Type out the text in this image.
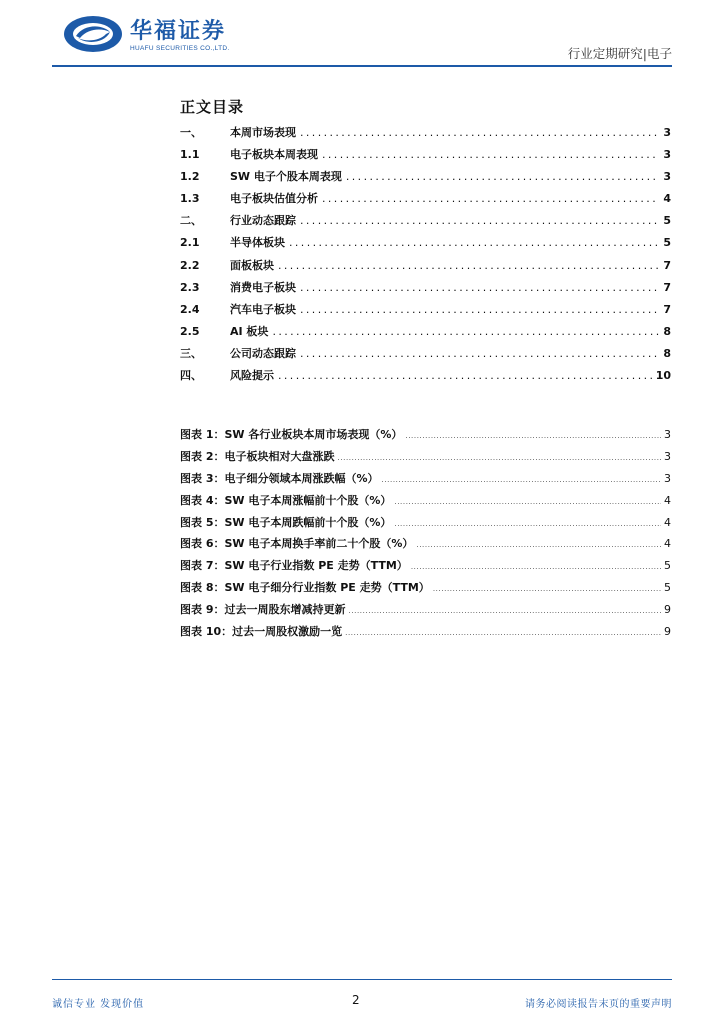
华福证券
HUAFU SECURITIES CO.,LTD.	行业定期研究|电子
正文目录
一、	本周市场表现 .....	3
1.1	电子板块本周表现 .....	3
1.2	SW 电子个股本周表现 .....	3
1.3	电子板块估值分析 .....	4
二、	行业动态跟踪 .....	5
2.1	半导体板块 .....	5
2.2	面板板块 .....	7
2.3	消费电子板块 .....	7
2.4	汽车电子板块 .....	7
2.5	AI 板块 .....	8
三、	公司动态跟踪 .....	8
四、	风险提示 .....	10
图表 1：SW 各行业板块本周市场表现（%） .....	3
图表 2：电子板块相对大盘涨跌 .....	3
图表 3：电子细分领域本周涨跌幅（%） .....	3
图表 4：SW 电子本周涨幅前十个股（%） .....	4
图表 5：SW 电子本周跌幅前十个股（%） .....	4
图表 6：SW 电子本周换手率前二十个股（%） .....	4
图表 7：SW 电子行业指数 PE 走势（TTM） .....	5
图表 8：SW 电子细分行业指数 PE 走势（TTM） .....	5
图表 9：过去一周股东增减持更新 .....	9
图表 10：过去一周股权激励一览 .....	9
诚信专业 发现价值	2	请务必阅读报告末页的重要声明
